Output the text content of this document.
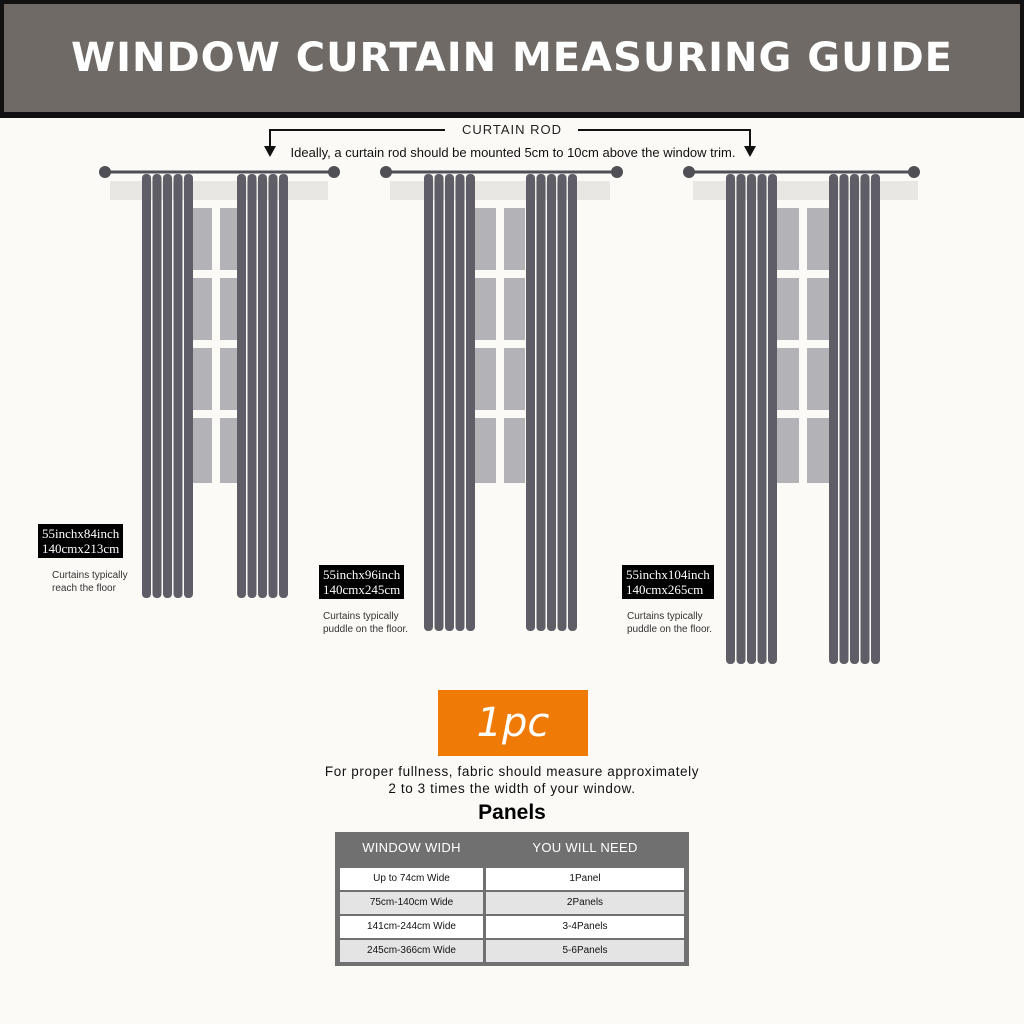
WINDOW CURTAIN MEASURING GUIDE
CURTAIN ROD
Ideally, a curtain rod should be mounted 5cm to 10cm above the window trim.
55inchx84inch
140cmx213cm
Curtains typically
reach the floor
55inchx96inch
140cmx245cm
Curtains typically
puddle on the floor.
55inchx104inch
140cmx265cm
Curtains typically
puddle on the floor.
1pc
For proper fullness, fabric should measure approximately
2 to 3 times the width of your window.
Panels
WINDOW WIDH	YOU WILL NEED
Up to 74cm Wide	1Panel
75cm-140cm Wide	2Panels
141cm-244cm Wide	3-4Panels
245cm-366cm Wide	5-6Panels
